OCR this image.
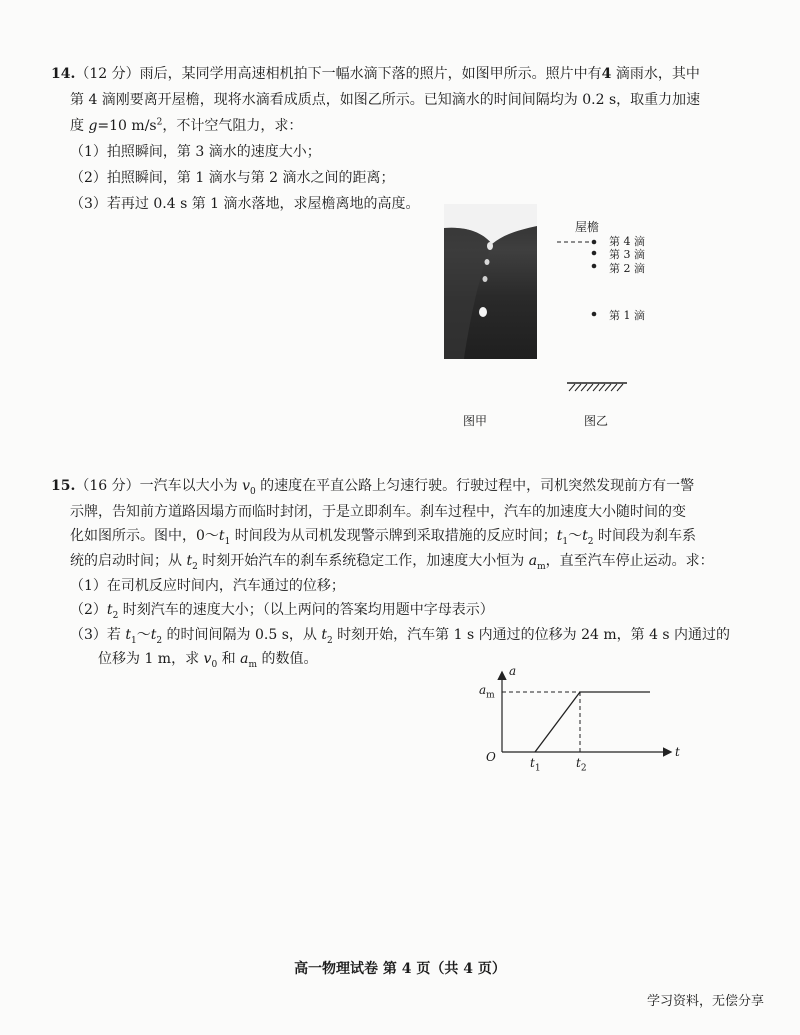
14.（12 分）雨后，某同学用高速相机拍下一幅水滴下落的照片，如图甲所示。照片中有4 滴雨水，其中
第 4 滴刚要离开屋檐，现将水滴看成质点，如图乙所示。已知滴水的时间间隔均为 0.2 s，取重力加速
度 g=10 $m/s^2$，不计空气阻力，求：
（1）拍照瞬间，第 3 滴水的速度大小；
（2）拍照瞬间，第 1 滴水与第 2 滴水之间的距离；
（3）若再过 0.4 s 第 1 滴水落地，求屋檐离地的高度。
屋檐
第 4 滴
第 3 滴
第 2 滴
第 1 滴
图甲	图乙
15.（16 分）一汽车以大小为 $v_0$ 的速度在平直公路上匀速行驶。行驶过程中，司机突然发现前方有一警
示牌，告知前方道路因塌方而临时封闭，于是立即刹车。刹车过程中，汽车的加速度大小随时间的变
化如图所示。图中，$0\sim t_1$ 时间段为从司机发现警示牌到采取措施的反应时间；$t_1\sim t_2$ 时间段为刹车系
统的启动时间；从 $t_2$ 时刻开始汽车的刹车系统稳定工作，加速度大小恒为 $a_m$，直至汽车停止运动。求：
（1）在司机反应时间内，汽车通过的位移；
$(2)t_2$ 时刻汽车的速度大小；（以上两问的答案均用题中字母表示）
（3）若 $t_1\sim t_2$ 的时间间隔为 0.5 s，从 $t_2$ 时刻开始，汽车第 1 s 内通过的位移为 24 m，第 4 s 内通过的
位移为 1 m，求 $v_0$ 和 $a_m$ 的数值。
a
t
O
$a_m$
$t_1$	$t_2$
高一物理试卷 第 4 页（共 4 页）
学习资料，无偿分享
